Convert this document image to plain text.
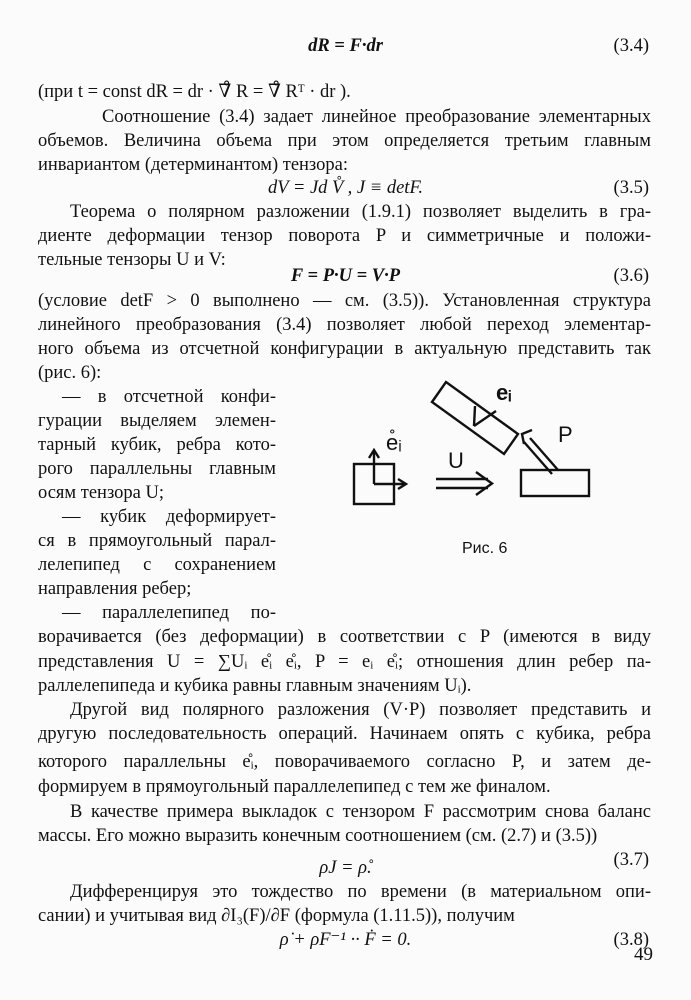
dR = F·dr	(3.4)
(при t = const dR = dr · ∇̊ R = ∇̊ Rᵀ · dr ).
Соотношение (3.4) задает линейное преобразование элементарных
объемов. Величина объема при этом определяется третьим главным
инвариантом (детерминантом) тензора:
dV = Jd V̊ , J ≡ detF.	(3.5)
Теорема о полярном разложении (1.9.1) позволяет выделить в гра-
диенте деформации тензор поворота P и симметричные и положи-
тельные тензоры U и V:
F = P·U = V·P	(3.6)
(условие detF > 0 выполнено — см. (3.5)). Установленная структура
линейного преобразования (3.4) позволяет любой переход элементар-
ного объема из отсчетной конфигурации в актуальную представить так
(рис. 6):
— в отсчетной конфи-
гурации выделяем элемен-
тарный кубик, ребра кото-
рого параллельны главным
осям тензора U;
— кубик деформирует-
ся в прямоугольный парал-
лелепипед с сохранением
направления ребер;
— параллелепипед по-
e̊ᵢ
U
eᵢ
P
Рис. 6
ворачивается (без деформации) в соответствии с P (имеются в виду
представления U = ∑Uᵢ e̊ᵢ e̊ᵢ, P = eᵢ e̊ᵢ; отношения длин ребер па-
раллелепипеда и кубика равны главным значениям Uᵢ).
Другой вид полярного разложения (V·P) позволяет представить и
другую последовательность операций. Начинаем опять с кубика, ребра
которого параллельны e̊ᵢ, поворачиваемого согласно P, и затем де-
формируем в прямоугольный параллелепипед с тем же финалом.
В качестве примера выкладок с тензором F рассмотрим снова баланс
массы. Его можно выразить конечным соотношением (см. (2.7) и (3.5))
ρJ = ρ̊.	(3.7)
Дифференцируя это тождество по времени (в материальном опи-
сании) и учитывая вид ∂I₃(F)/∂F (формула (1.11.5)), получим
ρ̇ + ρF⁻¹ ·· Ḟ = 0.	(3.8)
49
